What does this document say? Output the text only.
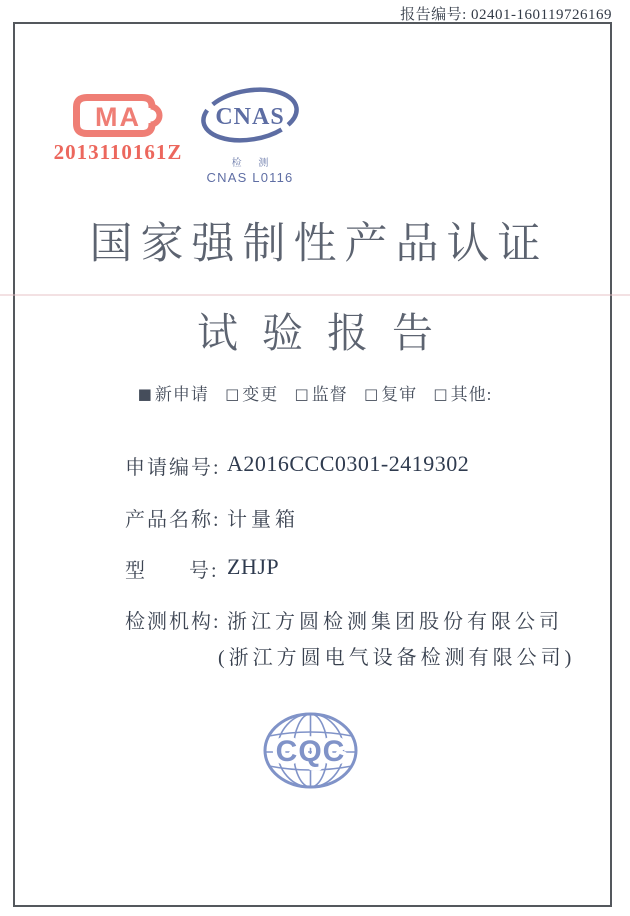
报告编号: 02401-160119726169
MA
2013110161Z
CNAS
检 测
CNAS L0116
国家强制性产品认证
试验报告
■ 新申请 □ 变更 □ 监督 □ 复审 □ 其他:
申请编号: A2016CCC0301-2419302
产品名称: 计量箱
型      号: ZHJP
检测机构: 浙江方圆检测集团股份有限公司
(浙江方圆电气设备检测有限公司)
CQC
